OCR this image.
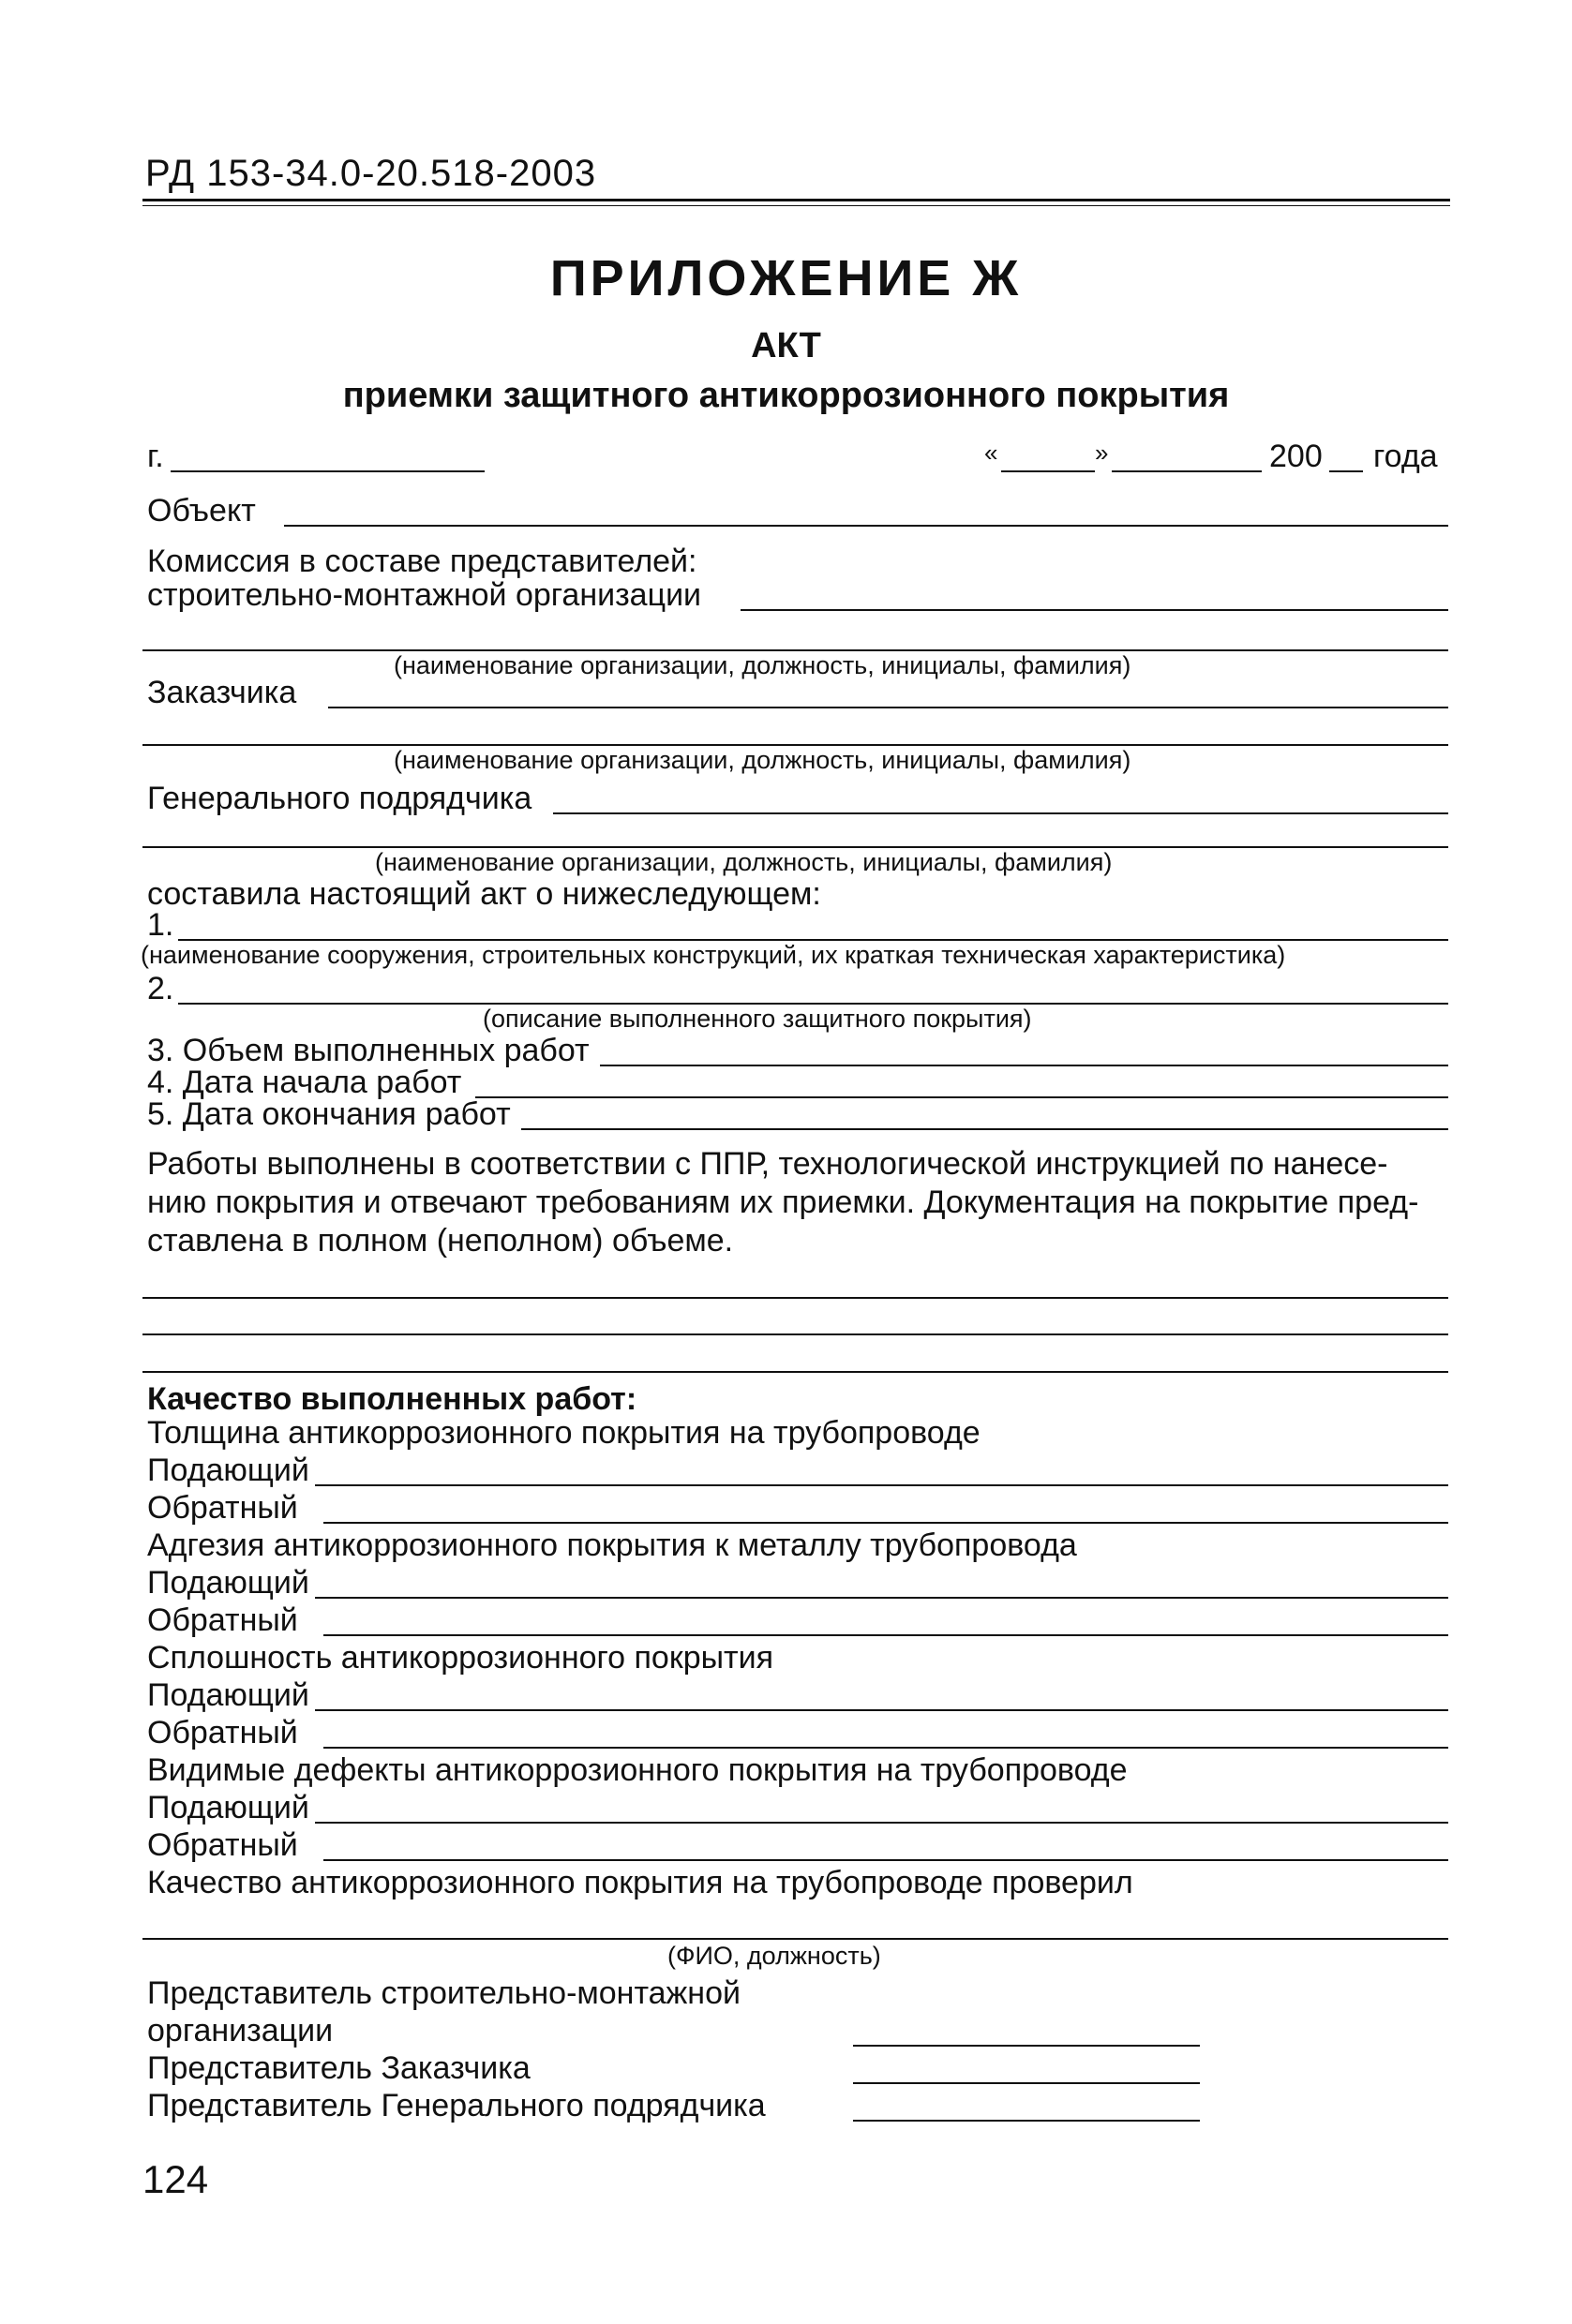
РД 153-34.0-20.518-2003
ПРИЛОЖЕНИЕ Ж
АКТ
приемки защитного антикоррозионного покрытия
г.	«	»	200 года
Объект
Комиссия в составе представителей:
строительно-монтажной организации
(наименование организации, должность, инициалы, фамилия)
Заказчика
(наименование организации, должность, инициалы, фамилия)
Генерального подрядчика
(наименование организации, должность, инициалы, фамилия)
составила настоящий акт о нижеследующем:
1.
(наименование сооружения, строительных конструкций, их краткая техническая характеристика)
2.
(описание выполненного защитного покрытия)
3. Объем выполненных работ
4. Дата начала работ
5. Дата окончания работ
Работы выполнены в соответствии с ППР, технологической инструкцией по нанесе-
нию покрытия и отвечают требованиям их приемки. Документация на покрытие пред-
ставлена в полном (неполном) объеме.
Качество выполненных работ:
Толщина антикоррозионного покрытия на трубопроводе
Подающий
Обратный
Адгезия антикоррозионного покрытия к металлу трубопровода
Подающий
Обратный
Сплошность антикоррозионного покрытия
Подающий
Обратный
Видимые дефекты антикоррозионного покрытия на трубопроводе
Подающий
Обратный
Качество антикоррозионного покрытия на трубопроводе проверил
(ФИО, должность)
Представитель строительно-монтажной
организации
Представитель Заказчика
Представитель Генерального подрядчика
124
